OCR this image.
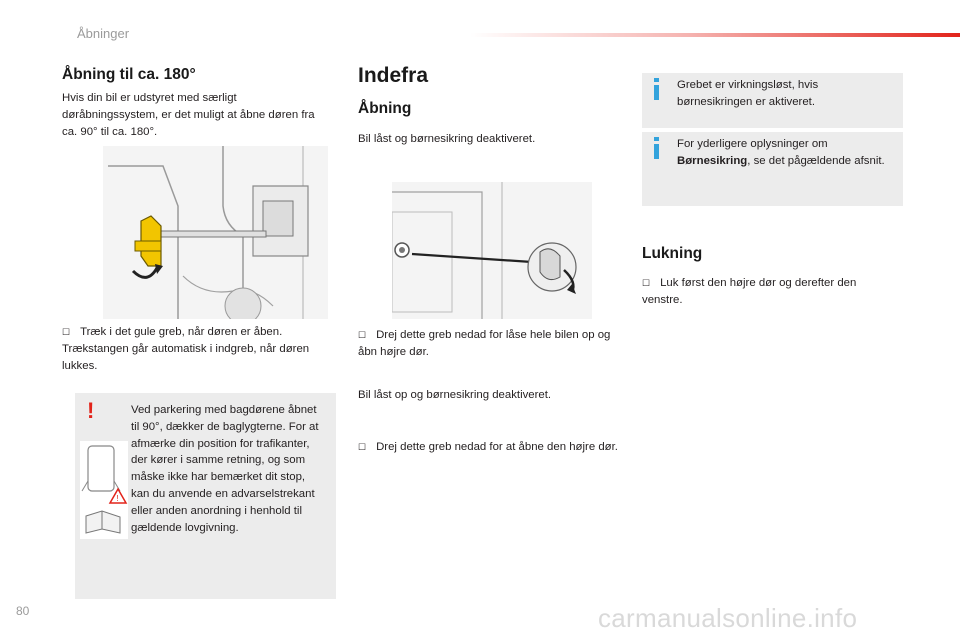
Åbninger
Åbning til ca. 180°
Hvis din bil er udstyret med særligt døråbningssystem, er det muligt at åbne døren fra ca. 90° til ca. 180°.
☐ Træk i det gule greb, når døren er åben. Trækstangen går automatisk i indgreb, når døren lukkes.
!
!
Ved parkering med bagdørene åbnet til 90°, dækker de baglygterne. For at afmærke din position for trafikanter, der kører i samme retning, og som måske ikke har bemærket dit stop, kan du anvende en advarselstrekant eller anden anordning i henhold til gældende lovgivning.
Indefra
Åbning
Bil låst og børnesikring deaktiveret.
☐ Drej dette greb nedad for låse hele bilen op og åbn højre dør.
Bil låst op og børnesikring deaktiveret.
☐ Drej dette greb nedad for at åbne den højre dør.
Grebet er virkningsløst, hvis børnesikringen er aktiveret.
For yderligere oplysninger om Børnesikring, se det pågældende afsnit.
Lukning
☐ Luk først den højre dør og derefter den venstre.
80	carmanualsonline.info
